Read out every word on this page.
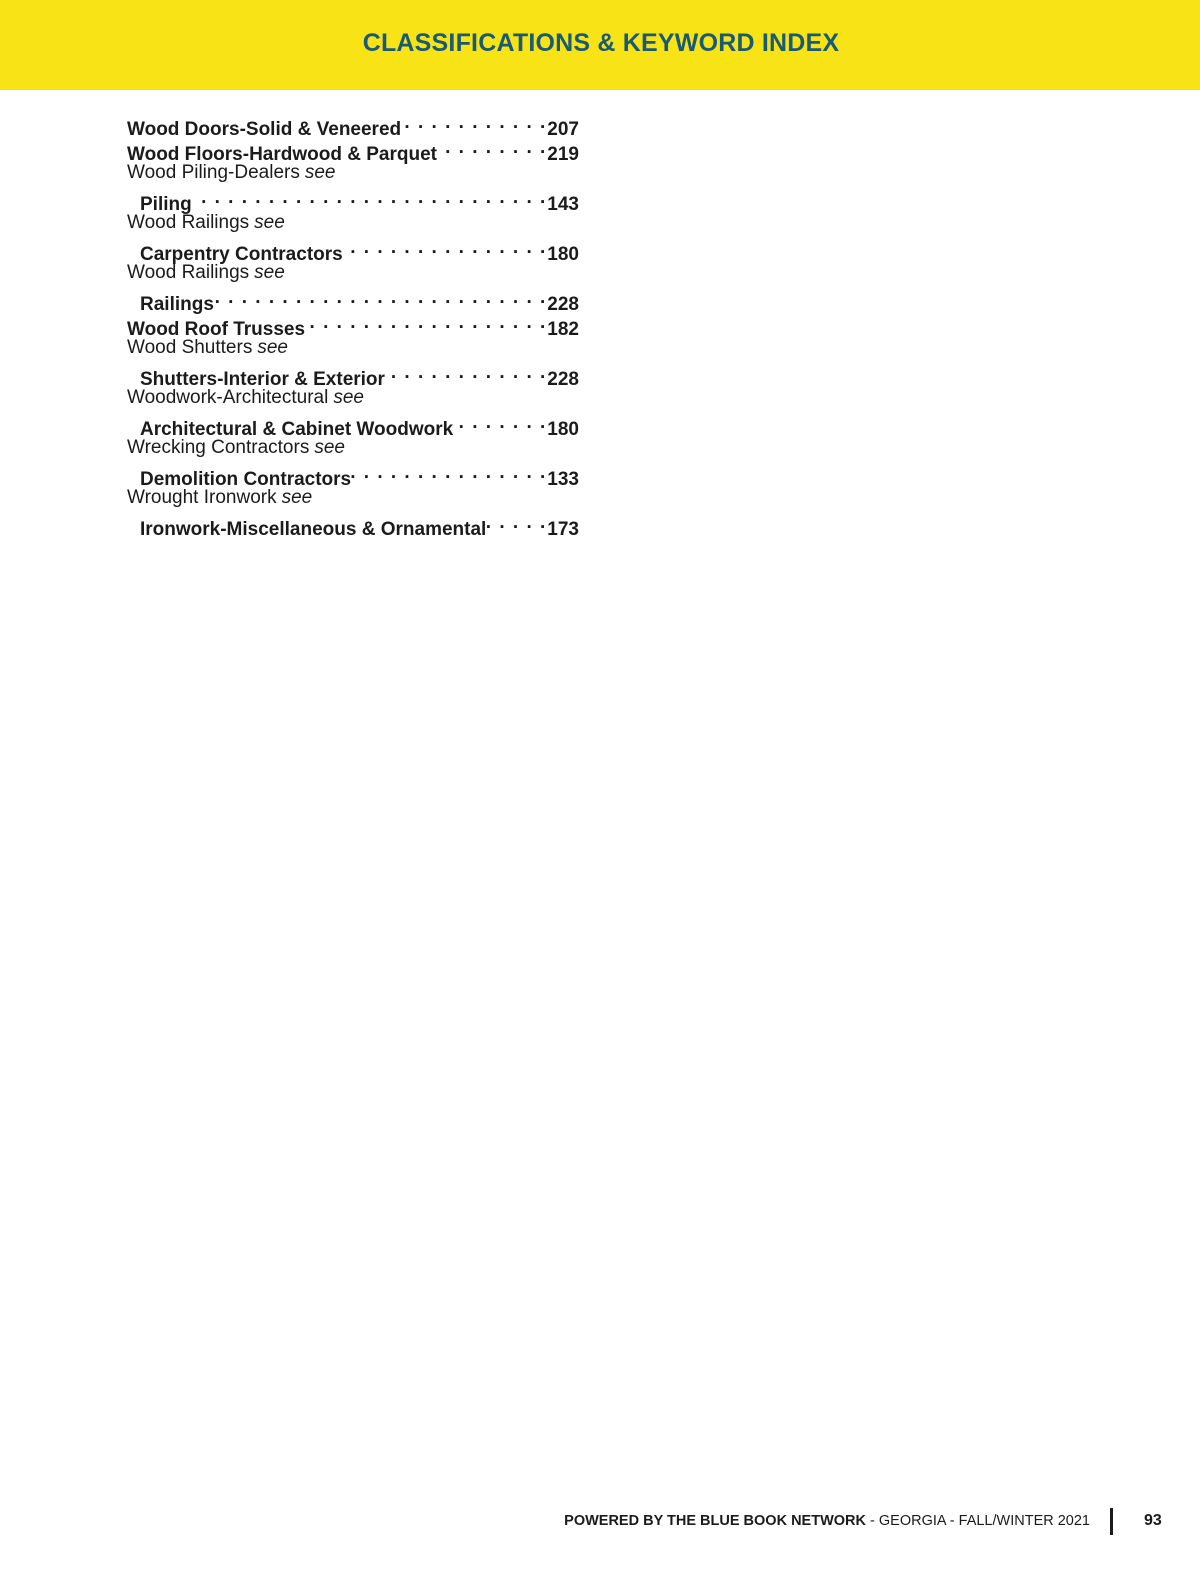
CLASSIFICATIONS & KEYWORD INDEX
Wood Doors-Solid & Veneered . . .	207
Wood Floors-Hardwood & Parquet . . .	219
Wood Piling-Dealers see
Piling . . .	143
Wood Railings see
Carpentry Contractors . . .	180
Wood Railings see
Railings . . .	228
Wood Roof Trusses . . .	182
Wood Shutters see
Shutters-Interior & Exterior . . .	228
Woodwork-Architectural see
Architectural & Cabinet Woodwork . . .	180
Wrecking Contractors see
Demolition Contractors . . .	133
Wrought Ironwork see
Ironwork-Miscellaneous & Ornamental . . .	173
POWERED BY THE BLUE BOOK NETWORK - GEORGIA - FALL/WINTER 2021	93
